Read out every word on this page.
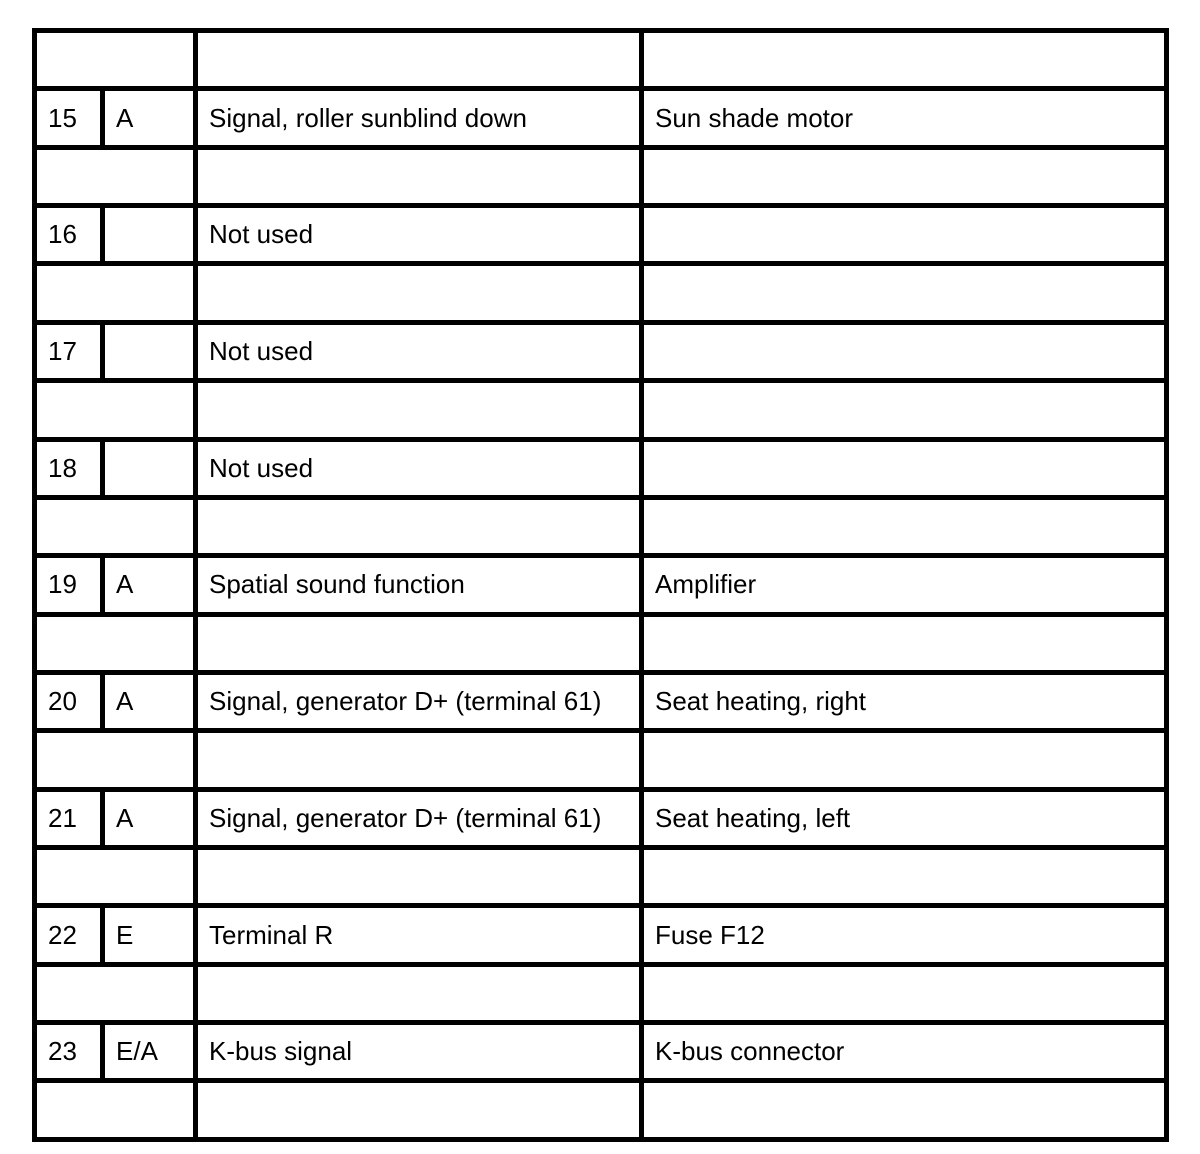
15	A	Signal, roller sunblind down	Sun shade motor

16		Not used	

17		Not used	

18		Not used	

19	A	Spatial sound function	Amplifier

20	A	Signal, generator D+ (terminal 61)	Seat heating, right

21	A	Signal, generator D+ (terminal 61)	Seat heating, left

22	E	Terminal R	Fuse F12

23	E/A	K-bus signal	K-bus connector
